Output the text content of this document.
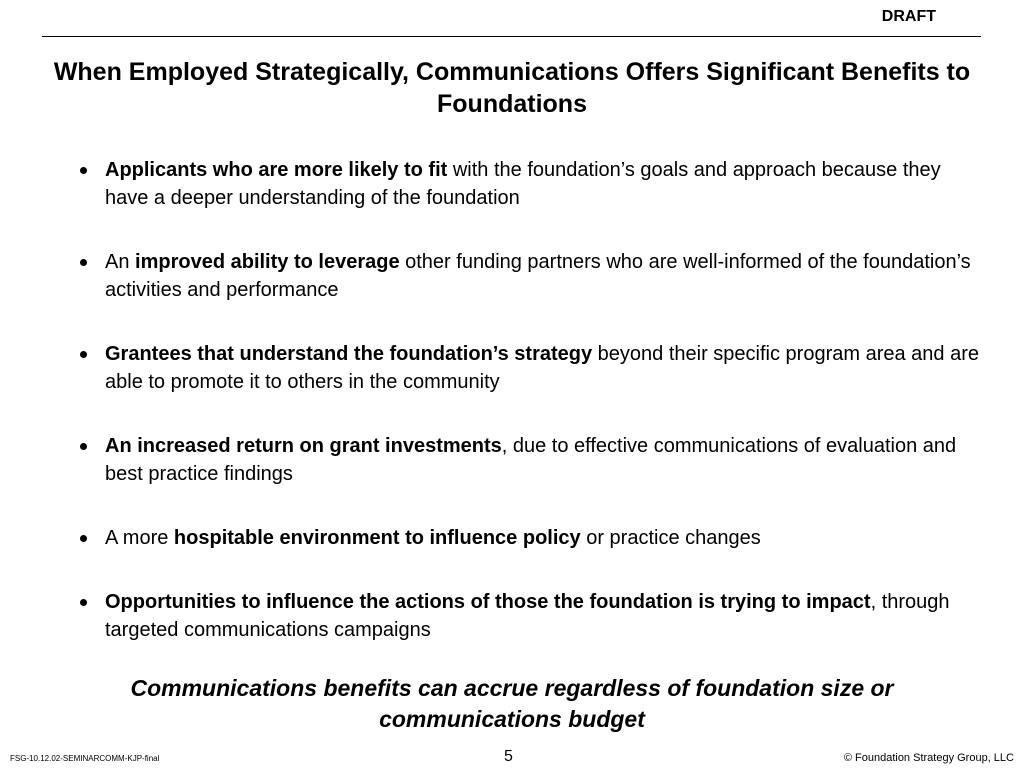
DRAFT
When Employed Strategically, Communications Offers Significant Benefits to Foundations
Applicants who are more likely to fit with the foundation’s goals and approach because they have a deeper understanding of the foundation
An improved ability to leverage other funding partners who are well-informed of the foundation’s activities and performance
Grantees that understand the foundation’s strategy beyond their specific program area and are able to promote it to others in the community
An increased return on grant investments, due to effective communications of evaluation and best practice findings
A more hospitable environment to influence policy or practice changes
Opportunities to influence the actions of those the foundation is trying to impact, through targeted communications campaigns
Communications benefits can accrue regardless of foundation size or communications budget
FSG-10.12.02-SEMINARCOMM-KJP-final	5	© Foundation Strategy Group, LLC
